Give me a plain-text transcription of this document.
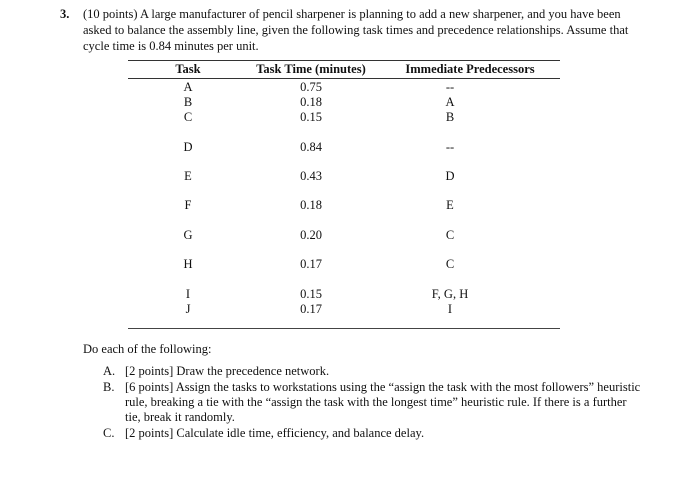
3. (10 points) A large manufacturer of pencil sharpener is planning to add a new sharpener, and you have been asked to balance the assembly line, given the following task times and precedence relationships. Assume that cycle time is 0.84 minutes per unit.
Task	Task Time (minutes)	Immediate Predecessors
A	0.75	--
B	0.18	A
C	0.15	B
D	0.84	--
E	0.43	D
F	0.18	E
G	0.20	C
H	0.17	C
I	0.15	F, G, H
J	0.17	I
Do each of the following:
A. [2 points] Draw the precedence network.
B. [6 points] Assign the tasks to workstations using the “assign the task with the most followers” heuristic rule, breaking a tie with the “assign the task with the longest time” heuristic rule. If there is a further tie, break it randomly.
C. [2 points] Calculate idle time, efficiency, and balance delay.
